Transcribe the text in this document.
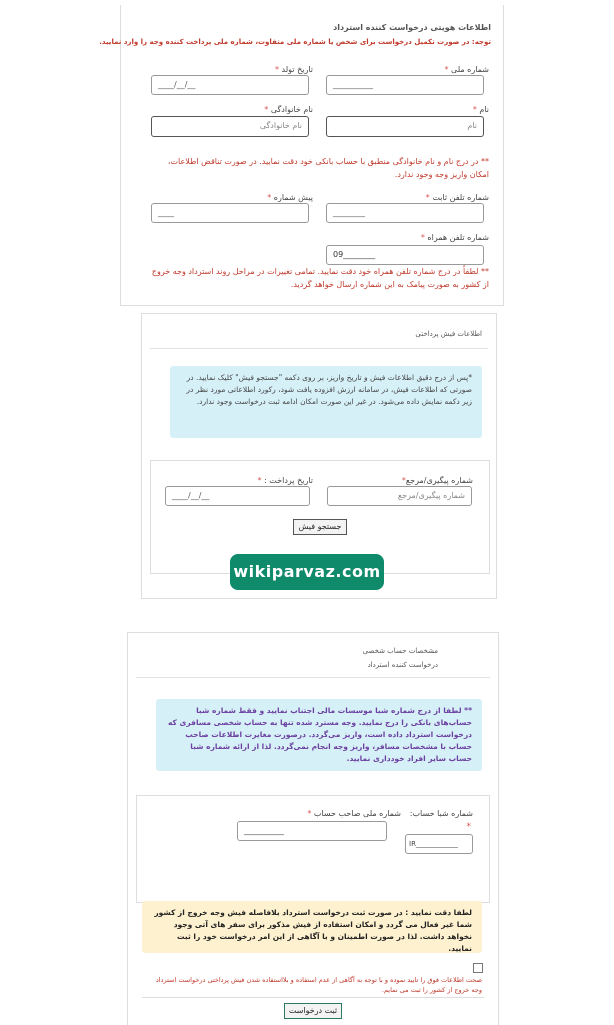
اطلاعات هویتی درخواست کننده استرداد
توجه: در صورت تکمیل درخواست برای شخص یا شماره ملی متفاوت، شماره ملی پرداخت کننده وجه را وارد نمایید.
شماره ملی *
__________
تاریخ تولد *
____/__/__
نام *
نام
نام خانوادگی *
نام خانوادگی
** در درج نام و نام خانوادگی منطبق با حساب بانکی خود دقت نمایید. در صورت تناقض اطلاعات، امکان واریز وجه وجود ندارد.
شماره تلفن ثابت *
________
پیش شماره *
____
شماره تلفن همراه *
09________
** لطفاً در درج شماره تلفن همراه خود دقت نمایید. تمامی تغییرات در مراحل روند استرداد وجه خروج از کشور به صورت پیامک به این شماره ارسال خواهد گردید.
اطلاعات فیش پرداختی
*پس از درج دقیق اطلاعات فیش و تاریخ واریز، بر روی دکمه "جستجو فیش" کلیک نمایید. در صورتی که اطلاعات فیش، در سامانه ارزش افزوده یافت شود، رکورد اطلاعاتی مورد نظر در زیر دکمه نمایش داده می‌شود. در غیر این صورت امکان ادامه ثبت درخواست وجود ندارد.
شماره پیگیری/مرجع*
شماره پیگیری/مرجع
تاریخ پرداخت : *
____/__/__
جستجو فیش
wikiparvaz.com
مشخصات حساب شخصی
درخواست کننده استرداد
** لطفا از درج شماره شبا موسسات مالی اجتناب نمایید و فقط شماره شبا حساب‌های بانکی را درج نمایید. وجه مسترد شده تنها به حساب شخصی مسافری که درخواست استرداد داده است، واریز می‌گردد. درصورت مغایرت اطلاعات صاحب حساب با مشخصات مسافر، واریز وجه انجام نمی‌گردد. لذا از ارائه شماره شبا حساب سایر افراد خودداری نمایید.
شماره شبا حساب:
*
IR____________
شماره ملی صاحب حساب *
__________
لطفا دقت نمایید : در صورت ثبت درخواست استرداد بلافاصله فیش وجه خروج از کشور شما غیر فعال می گردد و امکان استفاده از فیش مذکور برای سفر های آتی وجود نخواهد داشت. لذا در صورت اطمینان و با آگاهی از این امر درخواست خود را ثبت نمایید.
صحت اطلاعات فوق را تایید نموده و با توجه به آگاهی از عدم استفاده و بلااستفاده شدن فیش پرداختی درخواست استرداد وجه خروج از کشور را ثبت می نمایم.
ثبت درخواست
